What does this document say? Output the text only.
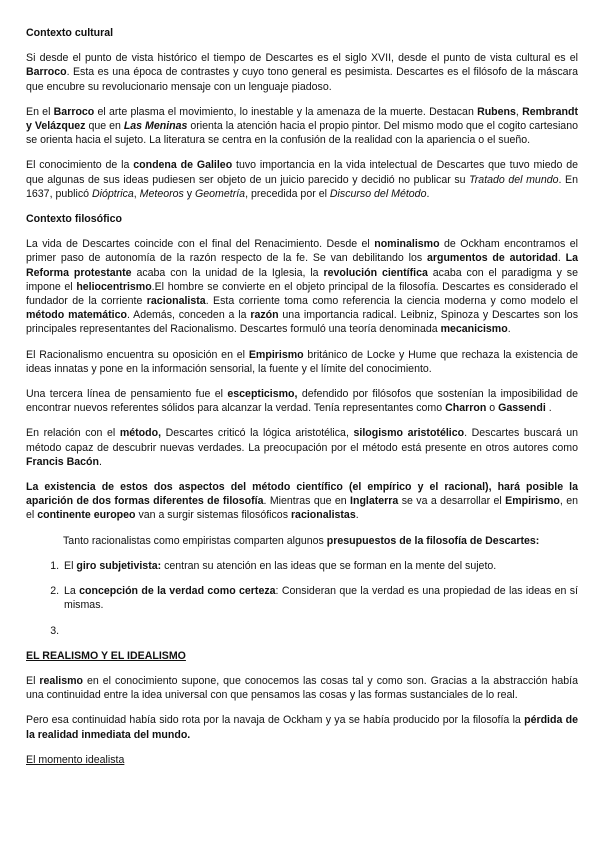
Contexto cultural

Si desde el punto de vista histórico el tiempo de Descartes es el siglo XVII, desde el punto de vista cultural es el Barroco. Esta es una época de contrastes y cuyo tono general es pesimista. Descartes es el filósofo de la máscara que encubre su revolucionario mensaje con un lenguaje piadoso.

En el Barroco el arte plasma el movimiento, lo inestable y la amenaza de la muerte. Destacan Rubens, Rembrandt y Velázquez que en Las Meninas orienta la atención hacia el propio pintor. Del mismo modo que el cogito cartesiano se orienta hacia el sujeto. La literatura se centra en la confusión de la realidad con la apariencia o el sueño.

El conocimiento de la condena de Galileo tuvo importancia en la vida intelectual de Descartes que tuvo miedo de que algunas de sus ideas pudiesen ser objeto de un juicio parecido y decidió no publicar su Tratado del mundo. En 1637, publicó Dióptrica, Meteoros y Geometría, precedida por el Discurso del Método.

Contexto filosófico

La vida de Descartes coincide con el final del Renacimiento. Desde el nominalismo de Ockham encontramos el primer paso de autonomía de la razón respecto de la fe. Se van debilitando los argumentos de autoridad. La Reforma protestante acaba con la unidad de la Iglesia, la revolución científica acaba con el paradigma y se impone el heliocentrismo.El hombre se convierte en el objeto principal de la filosofía. Descartes es considerado el fundador de la corriente racionalista. Esta corriente toma como referencia la ciencia moderna y como modelo el método matemático. Además, conceden a la razón una importancia radical. Leibniz, Spinoza y Descartes son los principales representantes del Racionalismo. Descartes formuló una teoría denominada mecanicismo.

El Racionalismo encuentra su oposición en el Empirismo británico de Locke y Hume que rechaza la existencia de ideas innatas y pone en la información sensorial, la fuente y el límite del conocimiento.

Una tercera línea de pensamiento fue el escepticismo, defendido por filósofos que sostenían la imposibilidad de encontrar nuevos referentes sólidos para alcanzar la verdad. Tenía representantes como Charron o Gassendi .

En relación con el método, Descartes criticó la lógica aristotélica, silogismo aristotélico. Descartes buscará un método capaz de descubrir nuevas verdades. La preocupación por el método está presente en otros autores como Francis Bacón.

La existencia de estos dos aspectos del método científico (el empírico y el racional), hará posible la aparición de dos formas diferentes de filosofía. Mientras que en Inglaterra se va a desarrollar el Empirismo, en el continente europeo van a surgir sistemas filosóficos racionalistas.

Tanto racionalistas como empiristas comparten algunos presupuestos de la filosofía de Descartes:

1. El giro subjetivista: centran su atención en las ideas que se forman en la mente del sujeto.
2. La concepción de la verdad como certeza: Consideran que la verdad es una propiedad de las ideas en sí mismas.
3.
EL REALISMO Y EL IDEALISMO

El realismo en el conocimiento supone, que conocemos las cosas tal y como son. Gracias a la abstracción había una continuidad entre la idea universal con que pensamos las cosas y las formas sustanciales de lo real.

Pero esa continuidad había sido rota por la navaja de Ockham y ya se había producido por la filosofía la pérdida de la realidad inmediata del mundo.

El momento idealista
